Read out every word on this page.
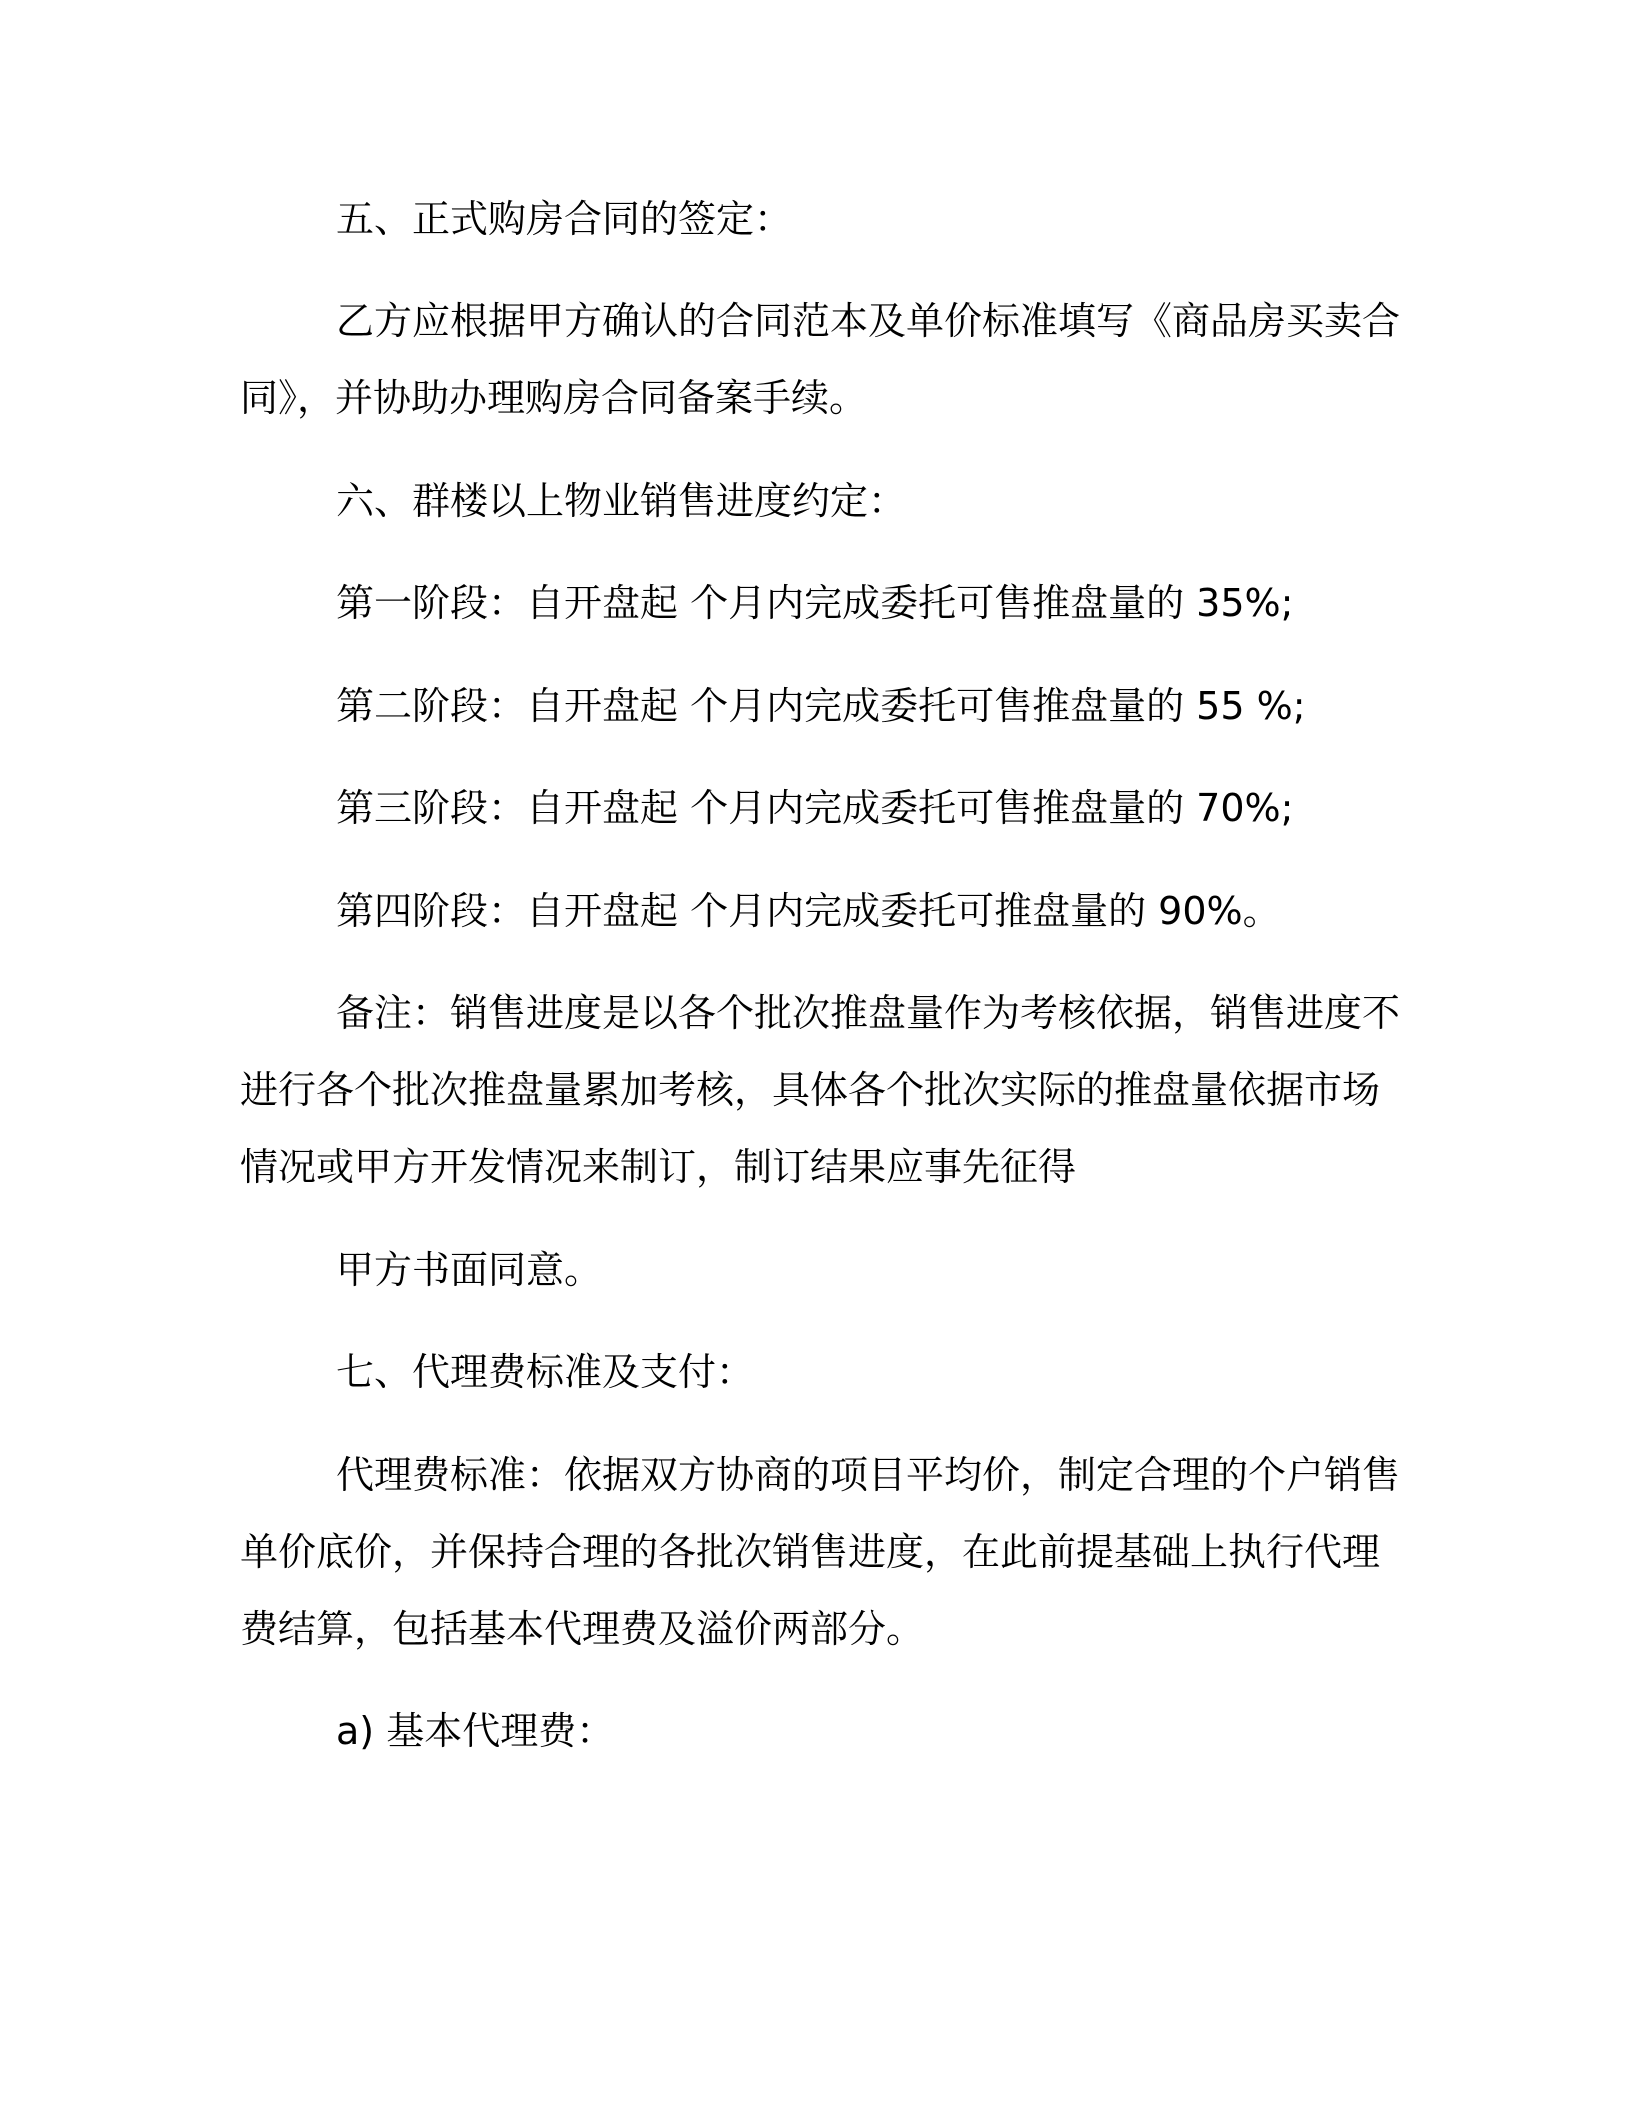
五、正式购房合同的签定：

乙方应根据甲方确认的合同范本及单价标准填写《商品房买卖合

同》，并协助办理购房合同备案手续。

六、群楼以上物业销售进度约定：

第一阶段：自开盘起 个月内完成委托可售推盘量的 35%;

第二阶段：自开盘起 个月内完成委托可售推盘量的 55 %;

第三阶段：自开盘起 个月内完成委托可售推盘量的 70%;

第四阶段：自开盘起 个月内完成委托可推盘量的 90%。

备注：销售进度是以各个批次推盘量作为考核依据，销售进度不

进行各个批次推盘量累加考核，具体各个批次实际的推盘量依据市场

情况或甲方开发情况来制订，制订结果应事先征得

甲方书面同意。

七、代理费标准及支付：

代理费标准：依据双方协商的项目平均价，制定合理的个户销售

单价底价，并保持合理的各批次销售进度，在此前提基础上执行代理

费结算，包括基本代理费及溢价两部分。

a) 基本代理费：
